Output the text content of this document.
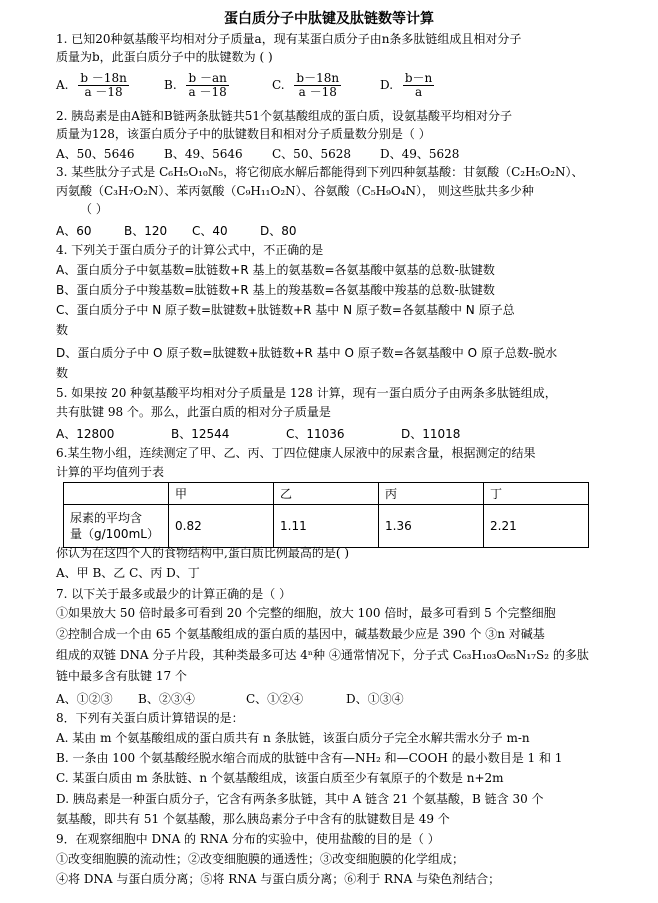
蛋白质分子中肽键及肽链数等计算
1. 已知20种氨基酸平均相对分子质量a，现有某蛋白质分子由n条多肽链组成且相对分子
质量为b，此蛋白质分子中的肽键数为 ( )
A. $\frac{b -18n}{a -18}$	B. $\frac{b -an}{a -18}$	C. $\frac{b-18n}{a -18}$	D. $\frac{b-n}{a}$
2. 胰岛素是由A链和B链两条肽链共51个氨基酸组成的蛋白质，设氨基酸平均相对分子
质量为128，该蛋白质分子中的肽键数目和相对分子质量数分别是（ ）
A、50、5646 B、49、5646 C、50、5628 D、49、5628
3. 某些肽分子式是 C₆H₅O₁₀N₅，将它彻底水解后都能得到下列四种氨基酸：甘氨酸（C₂H₅O₂N）、
丙氨酸（C₃H₇O₂N）、苯丙氨酸（C₉H₁₁O₂N）、谷氨酸（C₅H₉O₄N）， 则这些肽共多少种
（ ）
A、60	B、120 C、40	D、80
4. 下列关于蛋白质分子的计算公式中，不正确的是
A、蛋白质分子中氨基数=肽链数+R 基上的氨基数=各氨基酸中氨基的总数-肽键数
B、蛋白质分子中羧基数=肽链数+R 基上的羧基数=各氨基酸中羧基的总数-肽键数
C、蛋白质分子中 N 原子数=肽键数+肽链数+R 基中 N 原子数=各氨基酸中 N 原子总
数
D、蛋白质分子中 O 原子数=肽键数+肽链数+R 基中 O 原子数=各氨基酸中 O 原子总数-脱水
数
5. 如果按 20 种氨基酸平均相对分子质量是 128 计算，现有一蛋白质分子由两条多肽链组成，
共有肽键 98 个。那么，此蛋白质的相对分子质量是
A、12800	B、12544	C、11036	D、11018
6.某生物小组，连续测定了甲、乙、丙、丁四位健康人尿液中的尿素含量，根据测定的结果
计算的平均值列于表
	甲	乙	丙	丁
尿素的平均含
量（g/100mL）	0.82	1.11	1.36	2.21
你认为在这四个人的食物结构中,蛋白质比例最高的是( )
A、甲 B、乙 C、丙 D、丁
7. 以下关于最多或最少的计算正确的是（ ）
①如果放大 50 倍时最多可看到 20 个完整的细胞，放大 100 倍时，最多可看到 5 个完整细胞
②控制合成一个由 65 个氨基酸组成的蛋白质的基因中，碱基数最少应是 390 个 ③n 对碱基
组成的双链 DNA 分子片段，其种类最多可达 4ⁿ种 ④通常情况下，分子式 C₆₃H₁₀₃O₆₅N₁₇S₂ 的多肽
链中最多含有肽键 17 个
A、①②③ B、②③④	C、①②④	D、①③④
8．下列有关蛋白质计算错误的是：
A. 某由 m 个氨基酸组成的蛋白质共有 n 条肽链，该蛋白质分子完全水解共需水分子 m-n
B. 一条由 100 个氨基酸经脱水缩合而成的肽链中含有—NH₂ 和—COOH 的最小数目是 1 和 1
C. 某蛋白质由 m 条肽链、n 个氨基酸组成，该蛋白质至少有氧原子的个数是 n+2m
D. 胰岛素是一种蛋白质分子，它含有两条多肽链，其中 A 链含 21 个氨基酸，B 链含 30 个
氨基酸，即共有 51 个氨基酸，那么胰岛素分子中含有的肽键数目是 49 个
9．在观察细胞中 DNA 的 RNA 分布的实验中，使用盐酸的目的是（ ）
①改变细胞膜的流动性；②改变细胞膜的通透性；③改变细胞膜的化学组成；
④将 DNA 与蛋白质分离；⑤将 RNA 与蛋白质分离；⑥利于 RNA 与染色剂结合；
